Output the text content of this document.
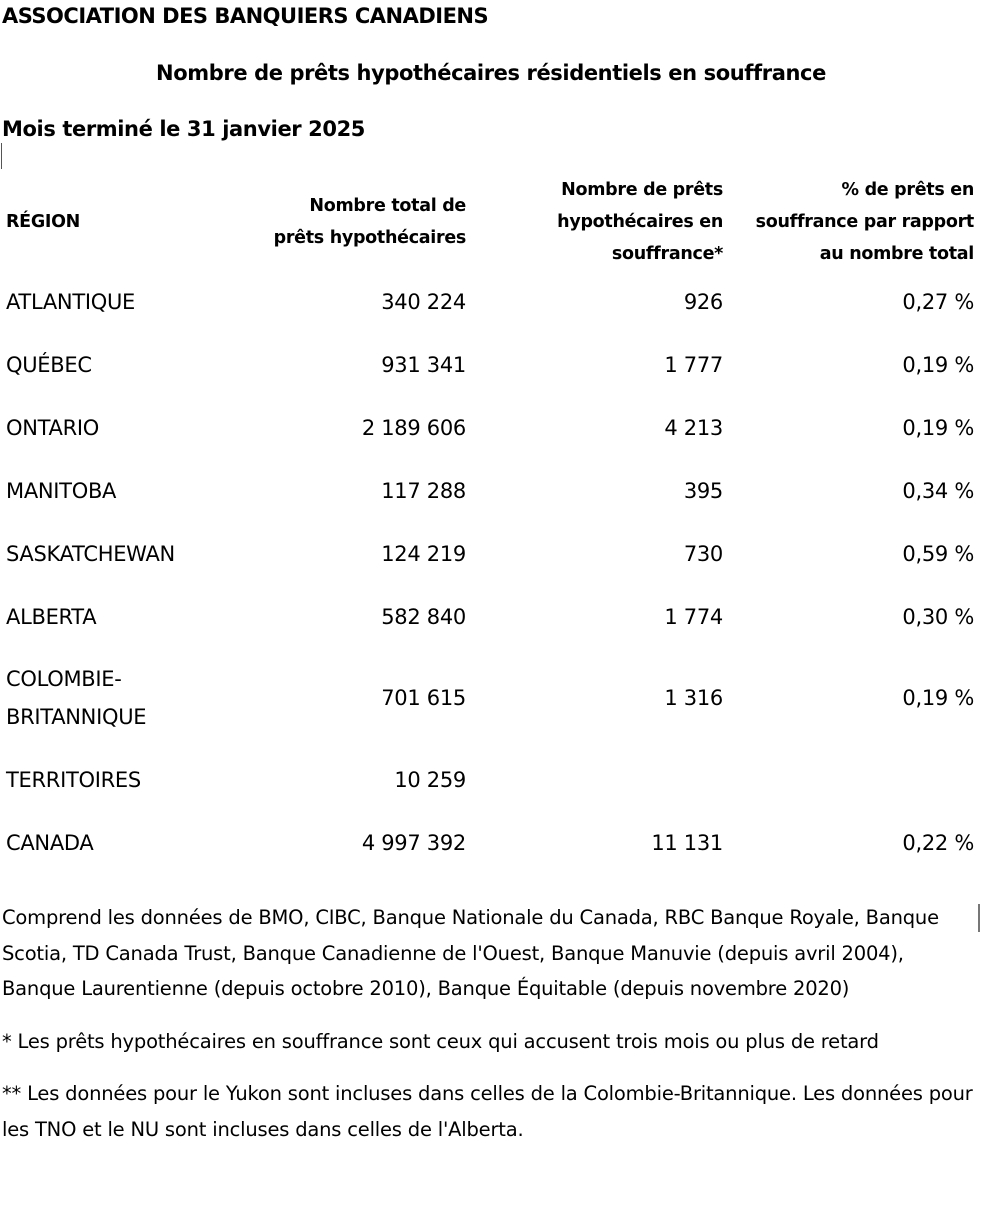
ASSOCIATION DES BANQUIERS CANADIENS
Nombre de prêts hypothécaires résidentiels en souffrance
Mois terminé le 31 janvier 2025
RÉGION	Nombre total de prêts hypothécaires	Nombre de prêts hypothécaires en souffrance*	% de prêts en souffrance par rapport au nombre total

ATLANTIQUE	340 224	926	0,27 %
QUÉBEC	931 341	1 777	0,19 %
ONTARIO	2 189 606	4 213	0,19 %
MANITOBA	117 288	395	0,34 %
SASKATCHEWAN	124 219	730	0,59 %
ALBERTA	582 840	1 774	0,30 %

COLOMBIE-BRITANNIQUE	701 615	1 316	0,19 %
TERRITOIRES	10 259		
CANADA	4 997 392	11 131	0,22 %

Comprend les données de BMO, CIBC, Banque Nationale du Canada, RBC Banque Royale, Banque Scotia, TD Canada Trust, Banque Canadienne de l'Ouest, Banque Manuvie (depuis avril 2004), Banque Laurentienne (depuis octobre 2010), Banque Équitable (depuis novembre 2020)

* Les prêts hypothécaires en souffrance sont ceux qui accusent trois mois ou plus de retard

** Les données pour le Yukon sont incluses dans celles de la Colombie-Britannique. Les données pour les TNO et le NU sont incluses dans celles de l'Alberta.
